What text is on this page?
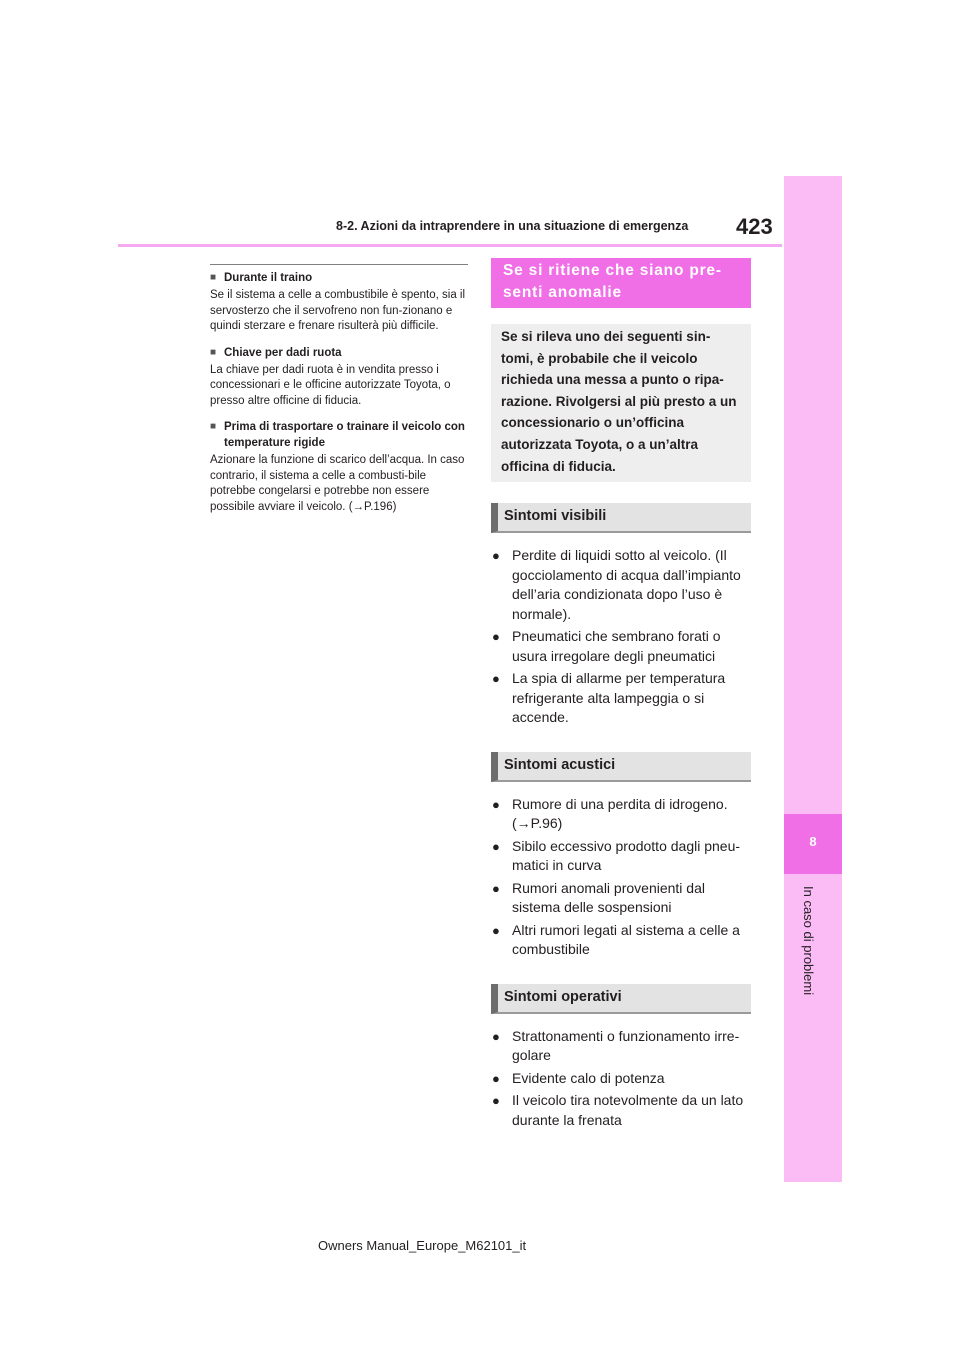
8-2. Azioni da intraprendere in una situazione di emergenza 423
8
In caso di problemi
■ Durante il traino
Se il sistema a celle a combustibile è spento, sia il servosterzo che il servofreno non fun-zionano e quindi sterzare e frenare risulterà più difficile.
■ Chiave per dadi ruota
La chiave per dadi ruota è in vendita presso i concessionari e le officine autorizzate Toyota, o presso altre officine di fiducia.
■ Prima di trasportare o trainare il veicolo con temperature rigide
Azionare la funzione di scarico dell’acqua. In caso contrario, il sistema a celle a combusti-bile potrebbe congelarsi e potrebbe non essere possibile avviare il veicolo. (→P.196)
Se si ritiene che siano pre-senti anomalie
Se si rileva uno dei seguenti sin-tomi, è probabile che il veicolo richieda una messa a punto o ripa-razione. Rivolgersi al più presto a un concessionario o un’officina autorizzata Toyota, o a un’altra officina di fiducia.
Sintomi visibili
● Perdite di liquidi sotto al veicolo. (Il gocciolamento di acqua dall’impianto dell’aria condizionata dopo l’uso è normale).
● Pneumatici che sembrano forati o usura irregolare degli pneumatici
● La spia di allarme per temperatura refrigerante alta lampeggia o si accende.
Sintomi acustici
● Rumore di una perdita di idrogeno. (→P.96)
● Sibilo eccessivo prodotto dagli pneu-matici in curva
● Rumori anomali provenienti dal sistema delle sospensioni
● Altri rumori legati al sistema a celle a combustibile
Sintomi operativi
● Strattonamenti o funzionamento irre-golare
● Evidente calo di potenza
● Il veicolo tira notevolmente da un lato durante la frenata
Owners Manual_Europe_M62101_it
